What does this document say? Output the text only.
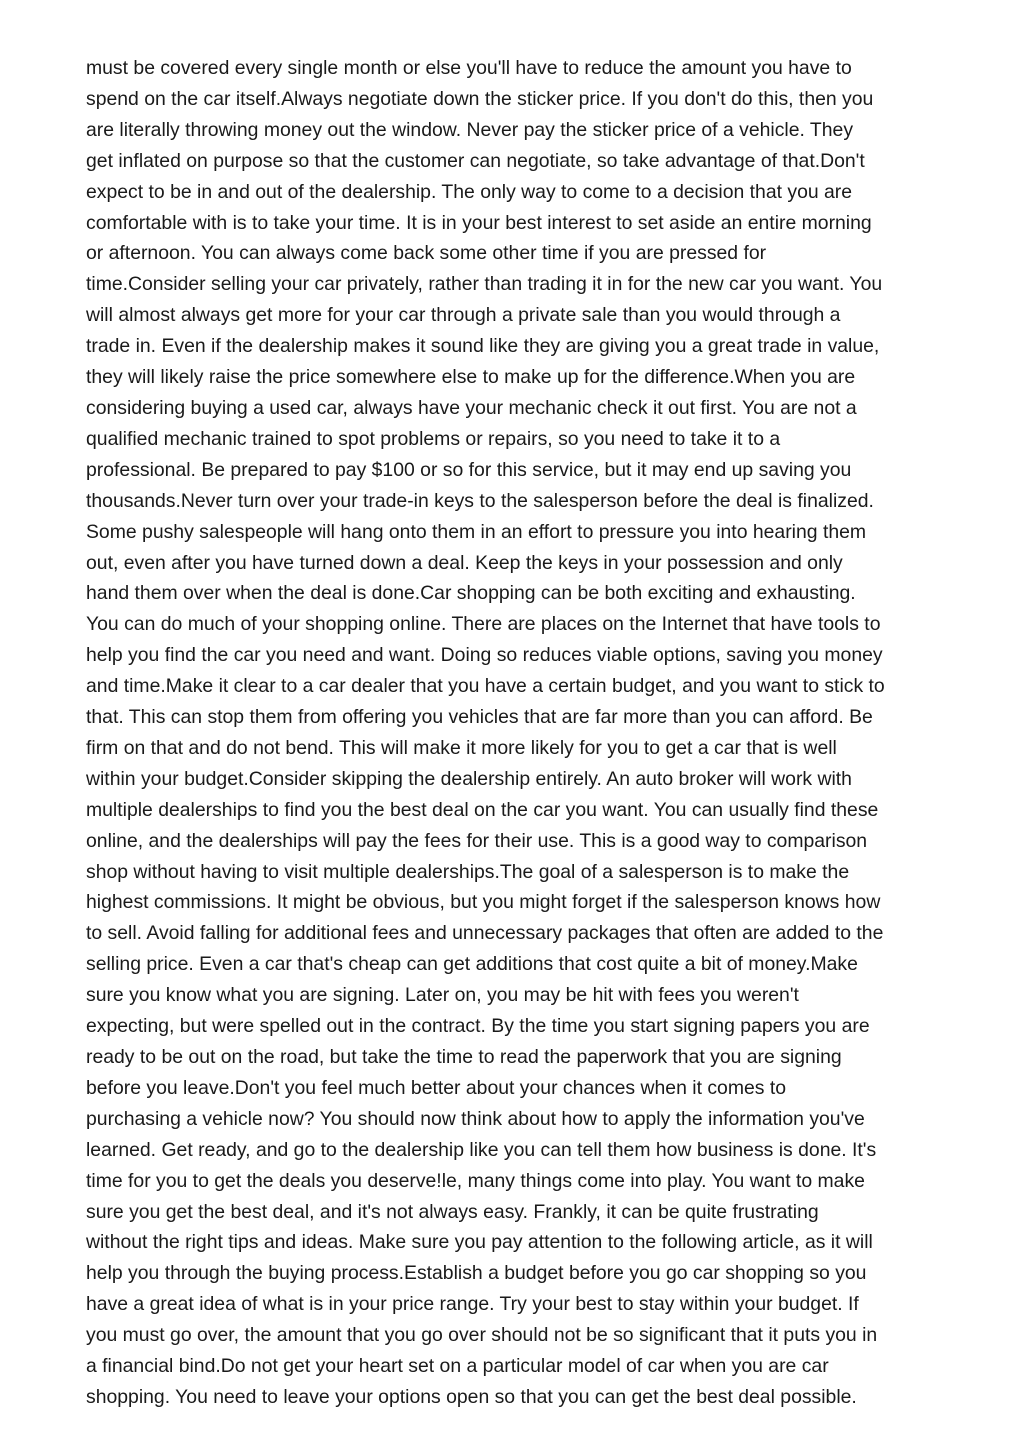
must be covered every single month or else you'll have to reduce the amount you have to
spend on the car itself.Always negotiate down the sticker price. If you don't do this, then you
are literally throwing money out the window. Never pay the sticker price of a vehicle. They
get inflated on purpose so that the customer can negotiate, so take advantage of that.Don't
expect to be in and out of the dealership. The only way to come to a decision that you are
comfortable with is to take your time. It is in your best interest to set aside an entire morning
or afternoon. You can always come back some other time if you are pressed for
time.Consider selling your car privately, rather than trading it in for the new car you want. You
will almost always get more for your car through a private sale than you would through a
trade in. Even if the dealership makes it sound like they are giving you a great trade in value,
they will likely raise the price somewhere else to make up for the difference.When you are
considering buying a used car, always have your mechanic check it out first. You are not a
qualified mechanic trained to spot problems or repairs, so you need to take it to a
professional. Be prepared to pay $100 or so for this service, but it may end up saving you
thousands.Never turn over your trade-in keys to the salesperson before the deal is finalized.
Some pushy salespeople will hang onto them in an effort to pressure you into hearing them
out, even after you have turned down a deal. Keep the keys in your possession and only
hand them over when the deal is done.Car shopping can be both exciting and exhausting.
You can do much of your shopping online. There are places on the Internet that have tools to
help you find the car you need and want. Doing so reduces viable options, saving you money
and time.Make it clear to a car dealer that you have a certain budget, and you want to stick to
that. This can stop them from offering you vehicles that are far more than you can afford. Be
firm on that and do not bend. This will make it more likely for you to get a car that is well
within your budget.Consider skipping the dealership entirely. An auto broker will work with
multiple dealerships to find you the best deal on the car you want. You can usually find these
online, and the dealerships will pay the fees for their use. This is a good way to comparison
shop without having to visit multiple dealerships.The goal of a salesperson is to make the
highest commissions. It might be obvious, but you might forget if the salesperson knows how
to sell. Avoid falling for additional fees and unnecessary packages that often are added to the
selling price. Even a car that's cheap can get additions that cost quite a bit of money.Make
sure you know what you are signing. Later on, you may be hit with fees you weren't
expecting, but were spelled out in the contract. By the time you start signing papers you are
ready to be out on the road, but take the time to read the paperwork that you are signing
before you leave.Don't you feel much better about your chances when it comes to
purchasing a vehicle now? You should now think about how to apply the information you've
learned. Get ready, and go to the dealership like you can tell them how business is done. It's
time for you to get the deals you deserve!le, many things come into play. You want to make
sure you get the best deal, and it's not always easy. Frankly, it can be quite frustrating
without the right tips and ideas. Make sure you pay attention to the following article, as it will
help you through the buying process.Establish a budget before you go car shopping so you
have a great idea of what is in your price range. Try your best to stay within your budget. If
you must go over, the amount that you go over should not be so significant that it puts you in
a financial bind.Do not get your heart set on a particular model of car when you are car
shopping. You need to leave your options open so that you can get the best deal possible.
